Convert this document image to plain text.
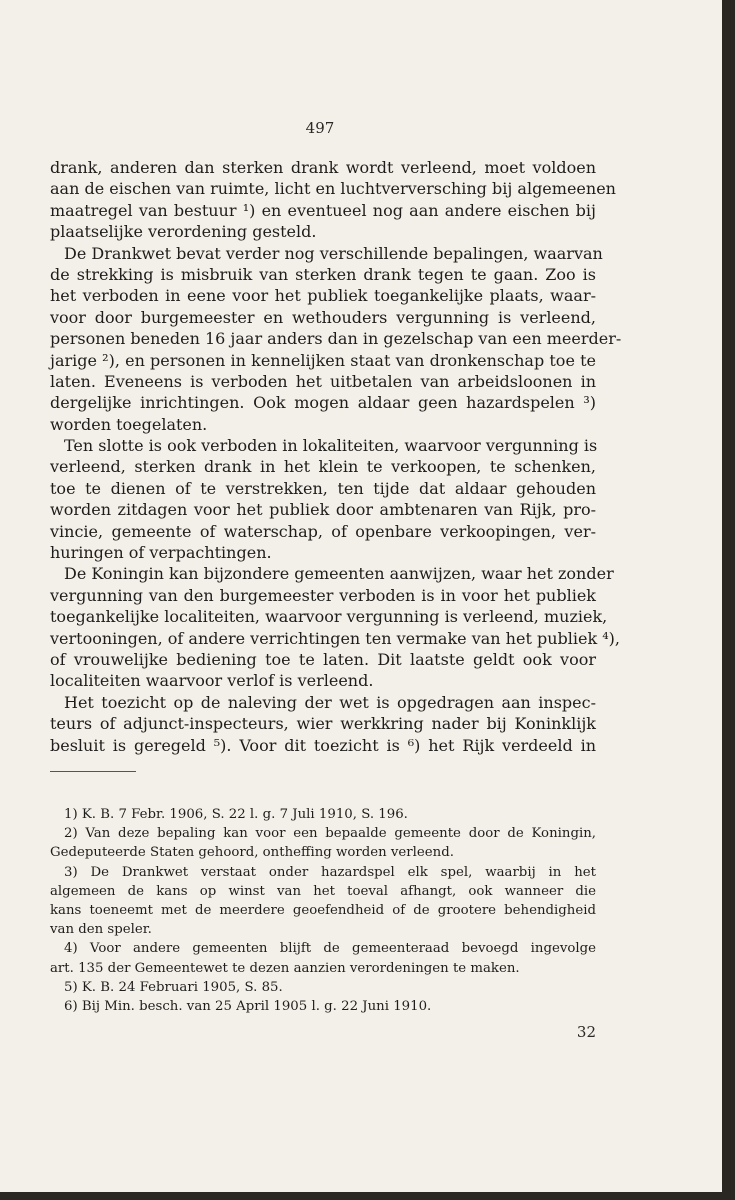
497
drank, anderen dan sterken drank wordt verleend, moet voldoen
aan de eischen van ruimte, licht en luchtverversching bij algemeenen
maatregel van bestuur ¹) en eventueel nog aan andere eischen bij
plaatselijke verordening gesteld.
De Drankwet bevat verder nog verschillende bepalingen, waarvan
de strekking is misbruik van sterken drank tegen te gaan. Zoo is
het verboden in eene voor het publiek toegankelijke plaats, waar-
voor door burgemeester en wethouders vergunning is verleend,
personen beneden 16 jaar anders dan in gezelschap van een meerder-
jarige ²), en personen in kennelijken staat van dronkenschap toe te
laten. Eveneens is verboden het uitbetalen van arbeidsloonen in
dergelijke inrichtingen. Ook mogen aldaar geen hazardspelen ³)
worden toegelaten.
Ten slotte is ook verboden in lokaliteiten, waarvoor vergunning is
verleend, sterken drank in het klein te verkoopen, te schenken,
toe te dienen of te verstrekken, ten tijde dat aldaar gehouden
worden zitdagen voor het publiek door ambtenaren van Rijk, pro-
vincie, gemeente of waterschap, of openbare verkoopingen, ver-
huringen of verpachtingen.
De Koningin kan bijzondere gemeenten aanwijzen, waar het zonder
vergunning van den burgemeester verboden is in voor het publiek
toegankelijke localiteiten, waarvoor vergunning is verleend, muziek,
vertooningen, of andere verrichtingen ten vermake van het publiek ⁴),
of vrouwelijke bediening toe te laten. Dit laatste geldt ook voor
localiteiten waarvoor verlof is verleend.
Het toezicht op de naleving der wet is opgedragen aan inspec-
teurs of adjunct-inspecteurs, wier werkkring nader bij Koninklijk
besluit is geregeld ⁵). Voor dit toezicht is ⁶) het Rijk verdeeld in
1) K. B. 7 Febr. 1906, S. 22 l. g. 7 Juli 1910, S. 196.
2) Van deze bepaling kan voor een bepaalde gemeente door de Koningin,
Gedeputeerde Staten gehoord, ontheffing worden verleend.
3) De Drankwet verstaat onder hazardspel elk spel, waarbij in het
algemeen de kans op winst van het toeval afhangt, ook wanneer die
kans toeneemt met de meerdere geoefendheid of de grootere behendigheid
van den speler.
4) Voor andere gemeenten blijft de gemeenteraad bevoegd ingevolge
art. 135 der Gemeentewet te dezen aanzien verordeningen te maken.
5) K. B. 24 Februari 1905, S. 85.
6) Bij Min. besch. van 25 April 1905 l. g. 22 Juni 1910.
32
